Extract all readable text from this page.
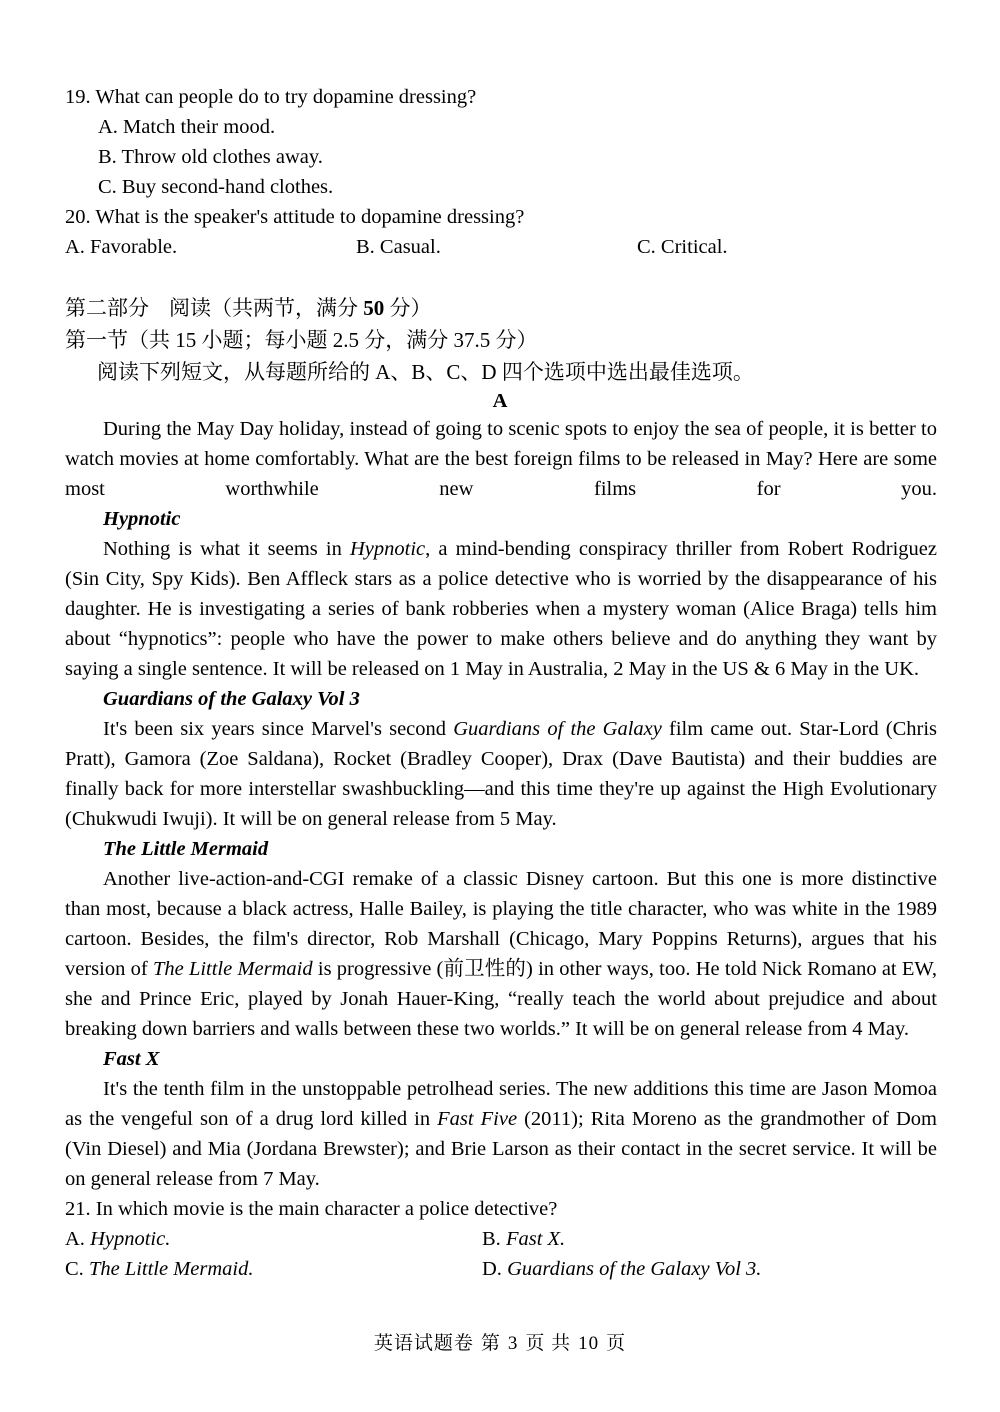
19. What can people do to try dopamine dressing?
A. Match their mood.
B. Throw old clothes away.
C. Buy second-hand clothes.
20. What is the speaker's attitude to dopamine dressing?
A. Favorable.	B. Casual.	C. Critical.
第二部分 阅读（共两节，满分 50 分）
第一节（共 15 小题；每小题 2.5 分，满分 37.5 分）
阅读下列短文，从每题所给的 A、B、C、D 四个选项中选出最佳选项。
A

During the May Day holiday, instead of going to scenic spots to enjoy the sea of people, it is better to watch movies at home comfortably. What are the best foreign films to be released in May? Here are some most worthwhile new films for you.

Hypnotic

Nothing is what it seems in Hypnotic, a mind-bending conspiracy thriller from Robert Rodriguez (Sin City, Spy Kids). Ben Affleck stars as a police detective who is worried by the disappearance of his daughter. He is investigating a series of bank robberies when a mystery woman (Alice Braga) tells him about “hypnotics”: people who have the power to make others believe and do anything they want by saying a single sentence. It will be released on 1 May in Australia, 2 May in the US & 6 May in the UK.

Guardians of the Galaxy Vol 3

It's been six years since Marvel's second Guardians of the Galaxy film came out. Star-Lord (Chris Pratt), Gamora (Zoe Saldana), Rocket (Bradley Cooper), Drax (Dave Bautista) and their buddies are finally back for more interstellar swashbuckling—and this time they're up against the High Evolutionary (Chukwudi Iwuji). It will be on general release from 5 May.

The Little Mermaid

Another live-action-and-CGI remake of a classic Disney cartoon. But this one is more distinctive than most, because a black actress, Halle Bailey, is playing the title character, who was white in the 1989 cartoon. Besides, the film's director, Rob Marshall (Chicago, Mary Poppins Returns), argues that his version of The Little Mermaid is progressive (前卫性的) in other ways, too. He told Nick Romano at EW, she and Prince Eric, played by Jonah Hauer-King, “really teach the world about prejudice and about breaking down barriers and walls between these two worlds.” It will be on general release from 4 May.

Fast X

It's the tenth film in the unstoppable petrolhead series. The new additions this time are Jason Momoa as the vengeful son of a drug lord killed in Fast Five (2011); Rita Moreno as the grandmother of Dom (Vin Diesel) and Mia (Jordana Brewster); and Brie Larson as their contact in the secret service. It will be on general release from 7 May.

21. In which movie is the main character a police detective?
A. Hypnotic.	B. Fast X.
C. The Little Mermaid.	D. Guardians of the Galaxy Vol 3.
英语试题卷 第 3 页 共 10 页
